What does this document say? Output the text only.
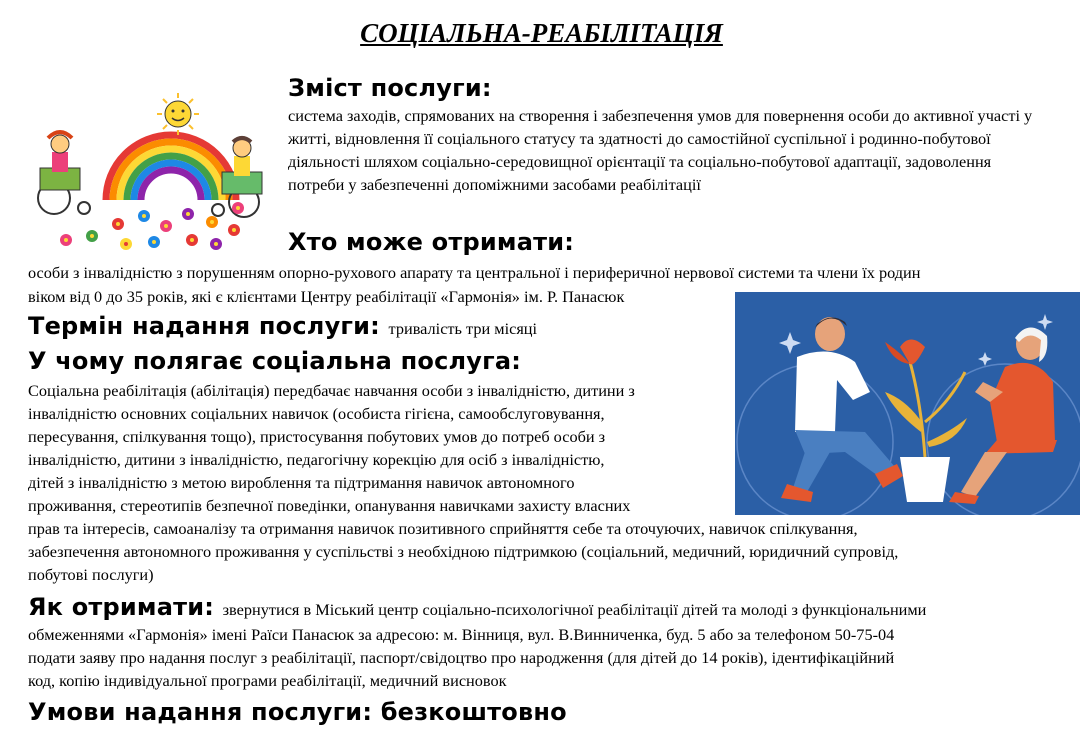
СОЦІАЛЬНА-РЕАБІЛІТАЦІЯ
Зміст послуги:
система заходів, спрямованих на створення і забезпечення умов для повернення особи до активної участі у житті, відновлення її соціального статусу та здатності до самостійної суспільної і родинно-побутової діяльності шляхом соціально-середовищної орієнтації та соціально-побутової адаптації, задоволення потреби у забезпеченні допоміжними засобами реабілітації
Хто може отримати:
особи з інвалідністю з порушенням опорно-рухового апарату та центральної і периферичної нервової системи та члени їх родин
віком від 0 до 35 років, які є клієнтами Центру реабілітації «Гармонія» ім. Р. Панасюк
Термін надання послуги: тривалість три місяці
У чому полягає соціальна послуга:
Соціальна реабілітація (абілітація) передбачає навчання особи з інвалідністю, дитини з
інвалідністю основних соціальних навичок (особиста гігієна, самообслуговування,
пересування, спілкування тощо), пристосування побутових умов до потреб особи з
інвалідністю, дитини з інвалідністю, педагогічну корекцію для осіб з інвалідністю,
дітей з інвалідністю з метою вироблення та підтримання навичок автономного
проживання, стереотипів безпечної поведінки, опанування навичками захисту власних
прав та інтересів, самоаналізу та отримання навичок позитивного сприйняття себе та оточуючих, навичок спілкування,
забезпечення автономного проживання у суспільстві з необхідною підтримкою (соціальний, медичний, юридичний супровід,
побутові послуги)
Як отримати: звернутися в Міський центр соціально-психологічної реабілітації дітей та молоді з функціональними
обмеженнями «Гармонія» імені Раїси Панасюк за адресою: м. Вінниця, вул. В.Винниченка, буд. 5 або за телефоном 50-75-04
подати заяву про надання послуг з реабілітації, паспорт/свідоцтво про народження (для дітей до 14 років), ідентифікаційний
код, копію індивідуальної програми реабілітації, медичний висновок
Умови надання послуги: безкоштовно
